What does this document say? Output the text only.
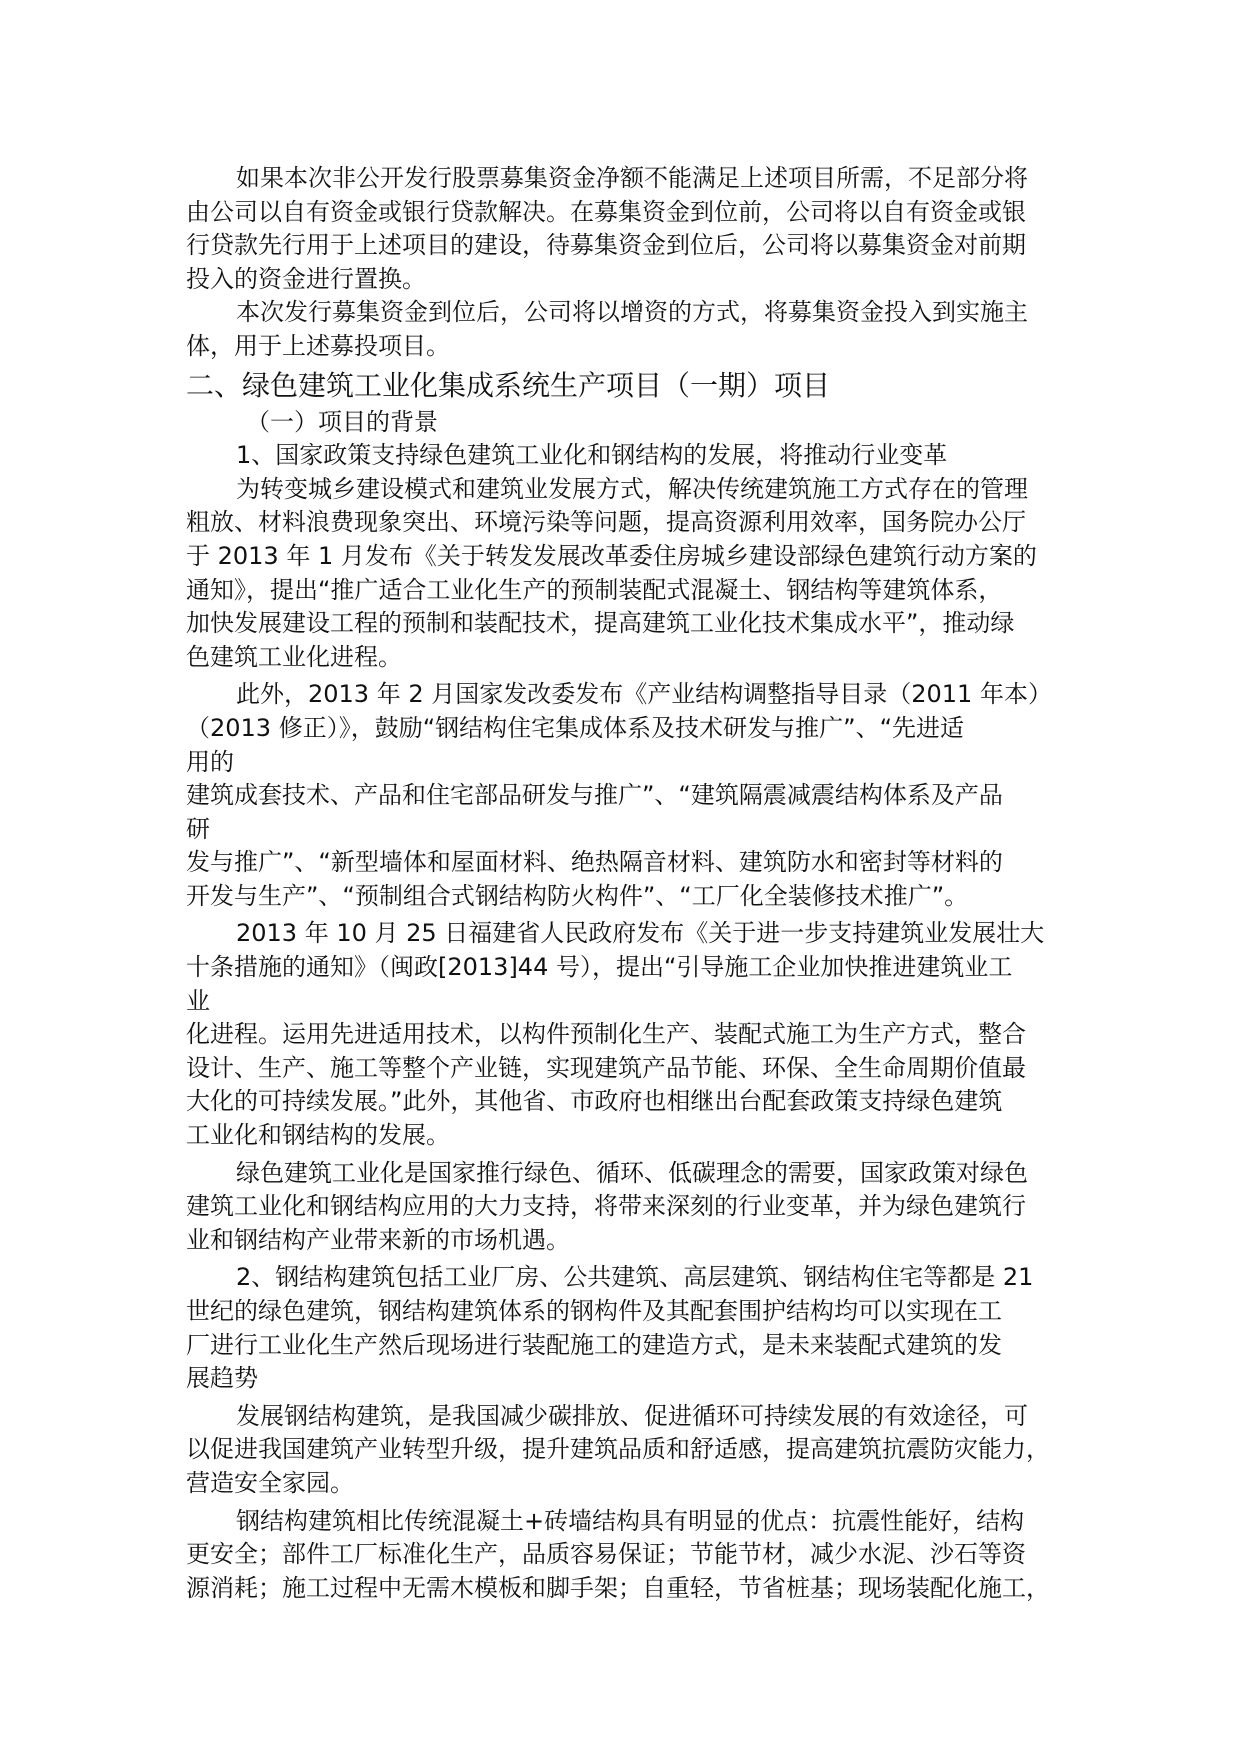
如果本次非公开发行股票募集资金净额不能满足上述项目所需，不足部分将
由公司以自有资金或银行贷款解决。在募集资金到位前，公司将以自有资金或银
行贷款先行用于上述项目的建设，待募集资金到位后，公司将以募集资金对前期
投入的资金进行置换。
本次发行募集资金到位后，公司将以增资的方式，将募集资金投入到实施主
体，用于上述募投项目。
二、绿色建筑工业化集成系统生产项目（一期）项目
（一）项目的背景
1、国家政策支持绿色建筑工业化和钢结构的发展，将推动行业变革
为转变城乡建设模式和建筑业发展方式，解决传统建筑施工方式存在的管理
粗放、材料浪费现象突出、环境污染等问题，提高资源利用效率，国务院办公厅
于 2013 年 1 月发布《关于转发发展改革委住房城乡建设部绿色建筑行动方案的
通知》，提出“推广适合工业化生产的预制装配式混凝土、钢结构等建筑体系，
加快发展建设工程的预制和装配技术，提高建筑工业化技术集成水平”，推动绿
色建筑工业化进程。
此外，2013 年 2 月国家发改委发布《产业结构调整指导目录（2011 年本）
（2013 修正）》，鼓励“钢结构住宅集成体系及技术研发与推广”、“先进适
用的
建筑成套技术、产品和住宅部品研发与推广”、“建筑隔震减震结构体系及产品
研
发与推广”、“新型墙体和屋面材料、绝热隔音材料、建筑防水和密封等材料的
开发与生产”、“预制组合式钢结构防火构件”、“工厂化全装修技术推广”。
2013 年 10 月 25 日福建省人民政府发布《关于进一步支持建筑业发展壮大
十条措施的通知》（闽政[2013]44 号），提出“引导施工企业加快推进建筑业工
业
化进程。运用先进适用技术，以构件预制化生产、装配式施工为生产方式，整合
设计、生产、施工等整个产业链，实现建筑产品节能、环保、全生命周期价值最
大化的可持续发展。”此外，其他省、市政府也相继出台配套政策支持绿色建筑
工业化和钢结构的发展。
绿色建筑工业化是国家推行绿色、循环、低碳理念的需要，国家政策对绿色
建筑工业化和钢结构应用的大力支持，将带来深刻的行业变革，并为绿色建筑行
业和钢结构产业带来新的市场机遇。
2、钢结构建筑包括工业厂房、公共建筑、高层建筑、钢结构住宅等都是 21
世纪的绿色建筑，钢结构建筑体系的钢构件及其配套围护结构均可以实现在工
厂进行工业化生产然后现场进行装配施工的建造方式，是未来装配式建筑的发
展趋势
发展钢结构建筑，是我国减少碳排放、促进循环可持续发展的有效途径，可
以促进我国建筑产业转型升级，提升建筑品质和舒适感，提高建筑抗震防灾能力，
营造安全家园。
钢结构建筑相比传统混凝土+砖墙结构具有明显的优点：抗震性能好，结构
更安全；部件工厂标准化生产，品质容易保证；节能节材，减少水泥、沙石等资
源消耗；施工过程中无需木模板和脚手架；自重轻，节省桩基；现场装配化施工，
